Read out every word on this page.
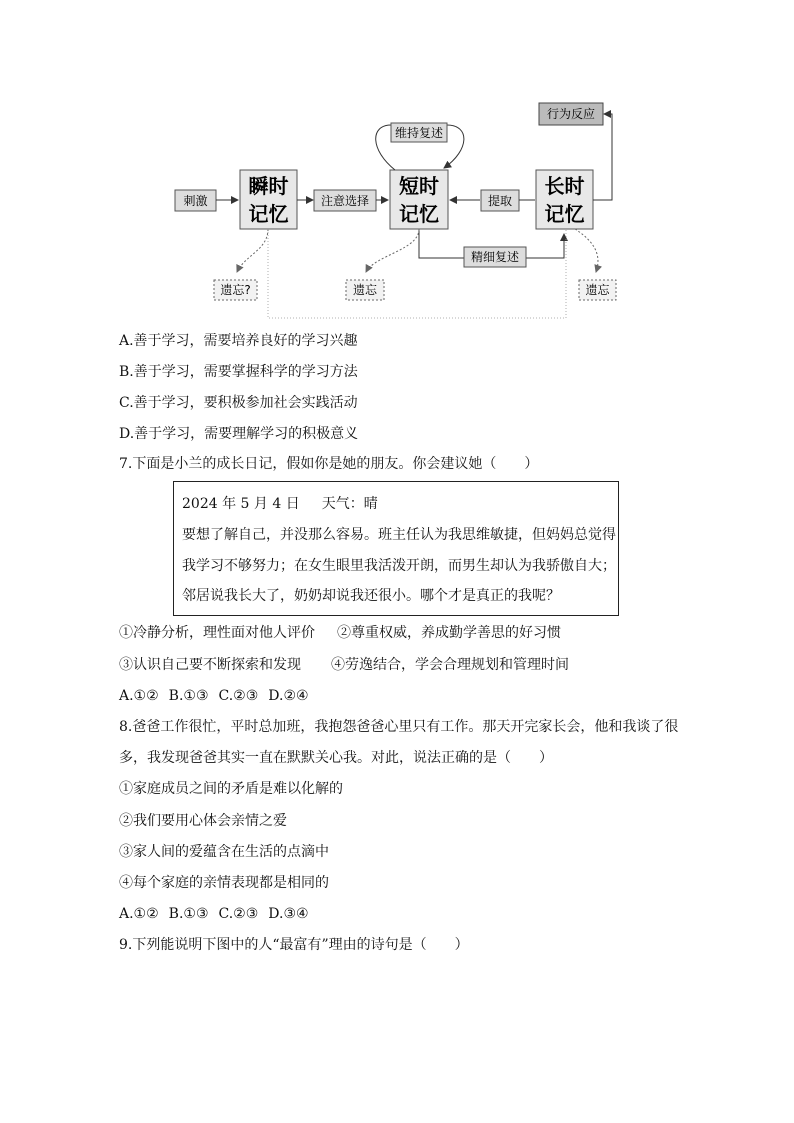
刺激
瞬时
记忆
注意选择
短时
记忆
维持复述
提取
长时
记忆
行为反应
精细复述
遗忘?	遗忘	遗忘
A.善于学习，需要培养良好的学习兴趣
B.善于学习，需要掌握科学的学习方法
C.善于学习，要积极参加社会实践活动
D.善于学习，需要理解学习的积极意义
7.下面是小兰的成长日记，假如你是她的朋友。你会建议她（　　）
2024 年 5 月 4 日 天气：晴
要想了解自己，并没那么容易。班主任认为我思维敏捷，但妈妈总觉得
我学习不够努力；在女生眼里我活泼开朗，而男生却认为我骄傲自大；
邻居说我长大了，奶奶却说我还很小。哪个才是真正的我呢？
①冷静分析，理性面对他人评价 ②尊重权威，养成勤学善思的好习惯
③认识自己要不断探索和发现 ④劳逸结合，学会合理规划和管理时间
A.①② B.①③ C.②③ D.②④
8.爸爸工作很忙，平时总加班，我抱怨爸爸心里只有工作。那天开完家长会，他和我谈了很
多，我发现爸爸其实一直在默默关心我。对此，说法正确的是（　　）
①家庭成员之间的矛盾是难以化解的
②我们要用心体会亲情之爱
③家人间的爱蕴含在生活的点滴中
④每个家庭的亲情表现都是相同的
A.①② B.①③ C.②③ D.③④
9.下列能说明下图中的人“最富有”理由的诗句是（　　）
